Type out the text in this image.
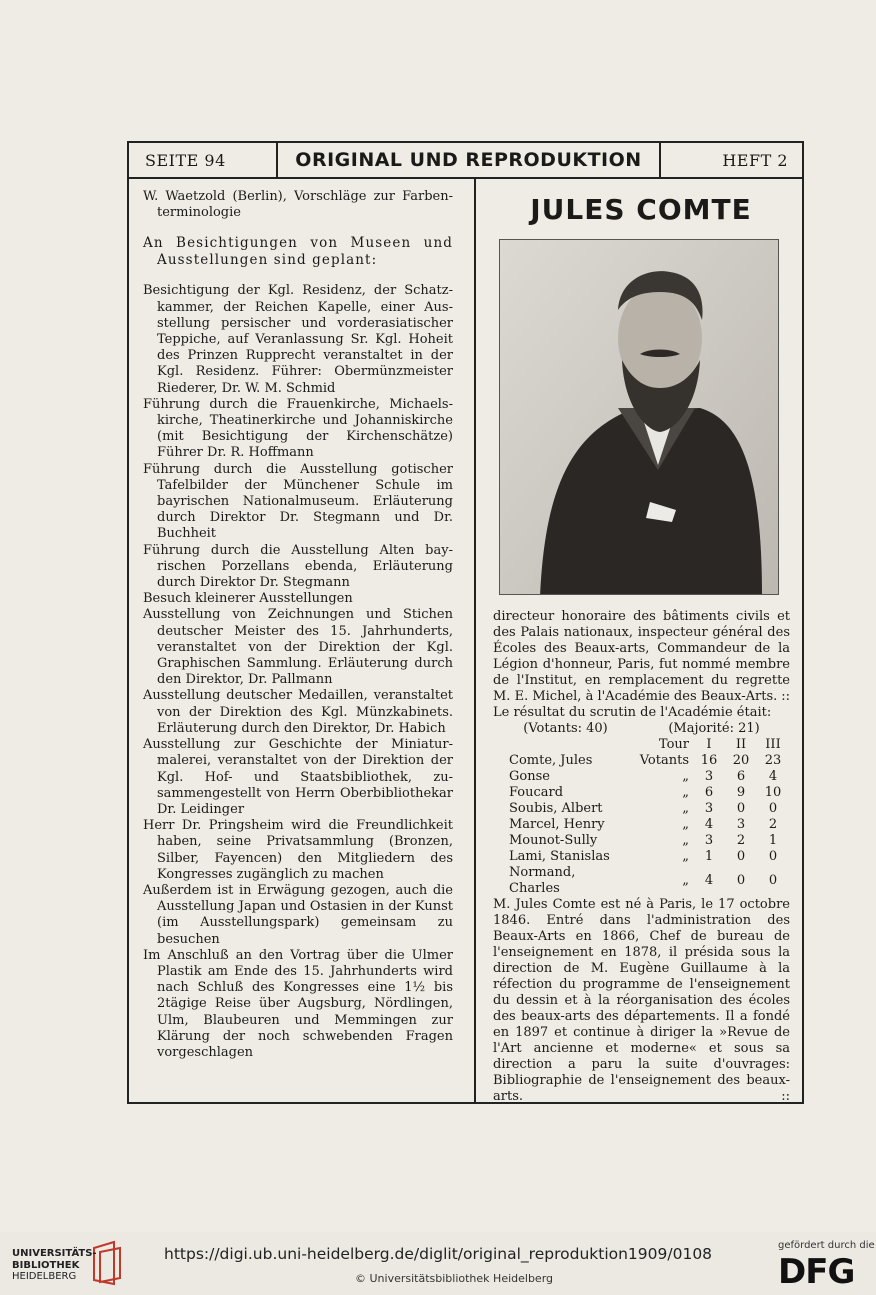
SEITE 94	ORIGINAL UND REPRODUKTION	HEFT 2

W. Waetzold (Berlin), Vorschläge zur Farbenterminologie

An Besichtigungen von Museen und Ausstellungen sind geplant:

Besichtigung der Kgl. Residenz, der Schatzkammer, der Reichen Kapelle, einer Ausstellung persischer und vorderasiatischer Teppiche, auf Veranlassung Sr. Kgl. Hoheit des Prinzen Rupprecht veranstaltet in der Kgl. Residenz. Führer: Obermünzmeister Riederer, Dr. W. M. Schmid

Führung durch die Frauenkirche, Michaelskirche, Theatinerkirche und Johanniskirche (mit Besichtigung der Kirchenschätze) Führer Dr. R. Hoffmann

Führung durch die Ausstellung gotischer Tafelbilder der Münchener Schule im bayrischen Nationalmuseum. Erläuterung durch Direktor Dr. Stegmann und Dr. Buchheit

Führung durch die Ausstellung Alten bayrischen Porzellans ebenda, Erläuterung durch Direktor Dr. Stegmann

Besuch kleinerer Ausstellungen

Ausstellung von Zeichnungen und Stichen deutscher Meister des 15. Jahrhunderts, veranstaltet von der Direktion der Kgl. Graphischen Sammlung. Erläuterung durch den Direktor, Dr. Pallmann

Ausstellung deutscher Medaillen, veranstaltet von der Direktion des Kgl. Münzkabinets. Erläuterung durch den Direktor, Dr. Habich

Ausstellung zur Geschichte der Miniaturmalerei, veranstaltet von der Direktion der Kgl. Hof- und Staatsbibliothek, zusammengestellt von Herrn Oberbibliothekar Dr. Leidinger

Herr Dr. Pringsheim wird die Freundlichkeit haben, seine Privatsammlung (Bronzen, Silber, Fayencen) den Mitgliedern des Kongresses zugänglich zu machen

Außerdem ist in Erwägung gezogen, auch die Ausstellung Japan und Ostasien in der Kunst (im Ausstellungspark) gemeinsam zu besuchen

Im Anschluß an den Vortrag über die Ulmer Plastik am Ende des 15. Jahrhunderts wird nach Schluß des Kongresses eine 1½ bis 2tägige Reise über Augsburg, Nördlingen, Ulm, Blaubeuren und Memmingen zur Klärung der noch schwebenden Fragen vorgeschlagen

JULES COMTE

directeur honoraire des bâtiments civils et des Palais nationaux, inspecteur général des Écoles des Beaux-arts, Commandeur de la Légion d'honneur, Paris, fut nommé membre de l'Institut, en remplacement du regrette M. E. Michel, à l'Académie des Beaux-Arts. ::

Le résultat du scrutin de l'Académie était:

(Votants: 40)	(Majorité: 21)
	Tour	I	II	III
Comte, Jules	Votants	16	20	23
Gonse	„	3	6	4
Foucard	„	6	9	10
Soubis, Albert	„	3	0	0
Marcel, Henry	„	4	3	2
Mounot-Sully	„	3	2	1
Lami, Stanislas	„	1	0	0
Normand, Charles	„	4	0	0

M. Jules Comte est né à Paris, le 17 octobre 1846. Entré dans l'administration des Beaux-Arts en 1866, Chef de bureau de l'enseignement en 1878, il présida sous la direction de M. Eugène Guillaume à la réfection du programme de l'enseignement du dessin et à la réorganisation des écoles des beaux-arts des départements. Il a fondé en 1897 et continue à diriger la »Revue de l'Art ancienne et moderne« et sous sa direction a paru la suite d'ouvrages: Bibliographie de l'enseignement des beaux-arts.	::

UNIVERSITÄTS-
BIBLIOTHEK
HEIDELBERG
https://digi.ub.uni-heidelberg.de/diglit/original_reproduktion1909/0108
© Universitätsbibliothek Heidelberg
gefördert durch die
DFG
